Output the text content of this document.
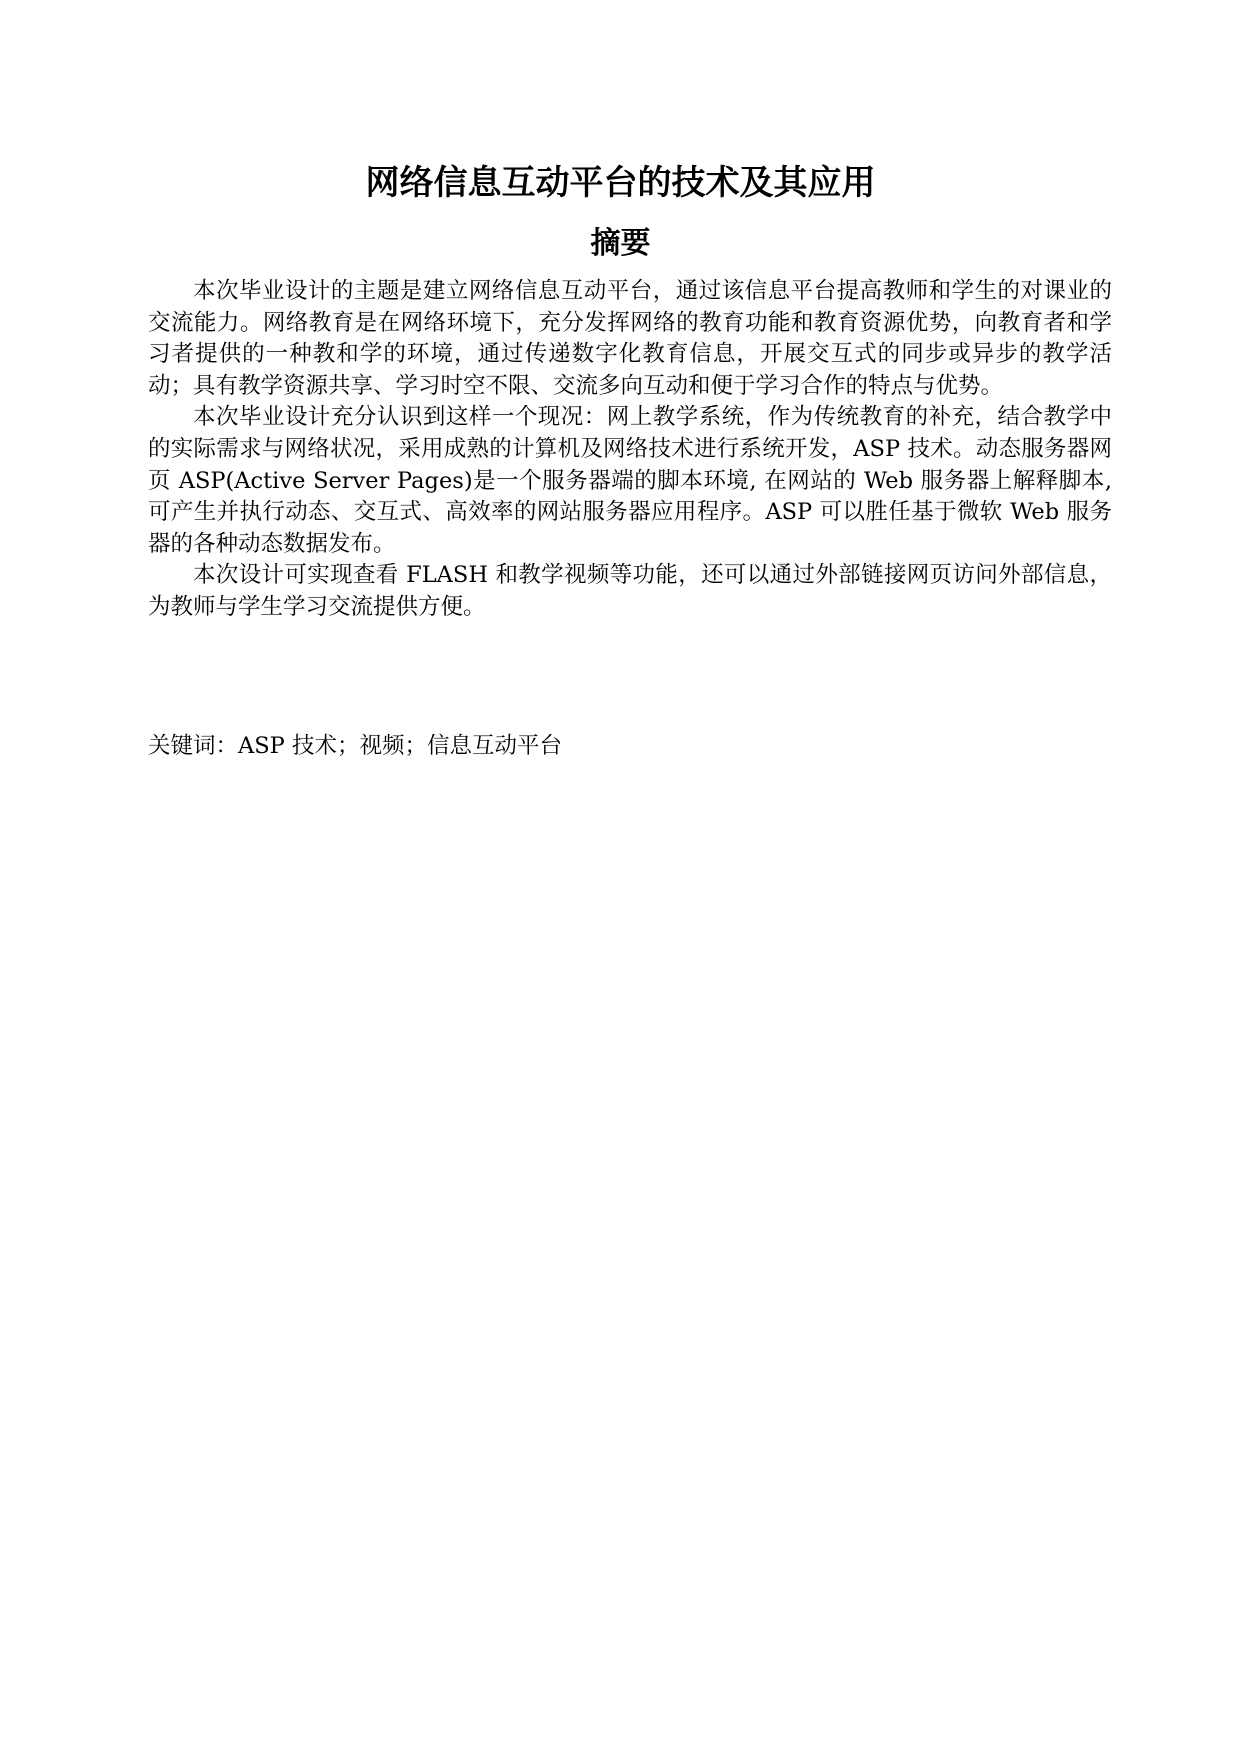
网络信息互动平台的技术及其应用
摘要

本次毕业设计的主题是建立网络信息互动平台，通过该信息平台提高教师和学生的对课业的交流能力。网络教育是在网络环境下，充分发挥网络的教育功能和教育资源优势，向教育者和学习者提供的一种教和学的环境，通过传递数字化教育信息，开展交互式的同步或异步的教学活动；具有教学资源共享、学习时空不限、交流多向互动和便于学习合作的特点与优势。

本次毕业设计充分认识到这样一个现况：网上教学系统，作为传统教育的补充，结合教学中的实际需求与网络状况，采用成熟的计算机及网络技术进行系统开发，ASP 技术。动态服务器网页 ASP(Active Server Pages)是一个服务器端的脚本环境, 在网站的 Web 服务器上解释脚本, 可产生并执行动态、交互式、高效率的网站服务器应用程序。ASP 可以胜任基于微软 Web 服务器的各种动态数据发布。

本次设计可实现查看 FLASH 和教学视频等功能，还可以通过外部链接网页访问外部信息，为教师与学生学习交流提供方便。

关键词：ASP 技术；视频；信息互动平台
